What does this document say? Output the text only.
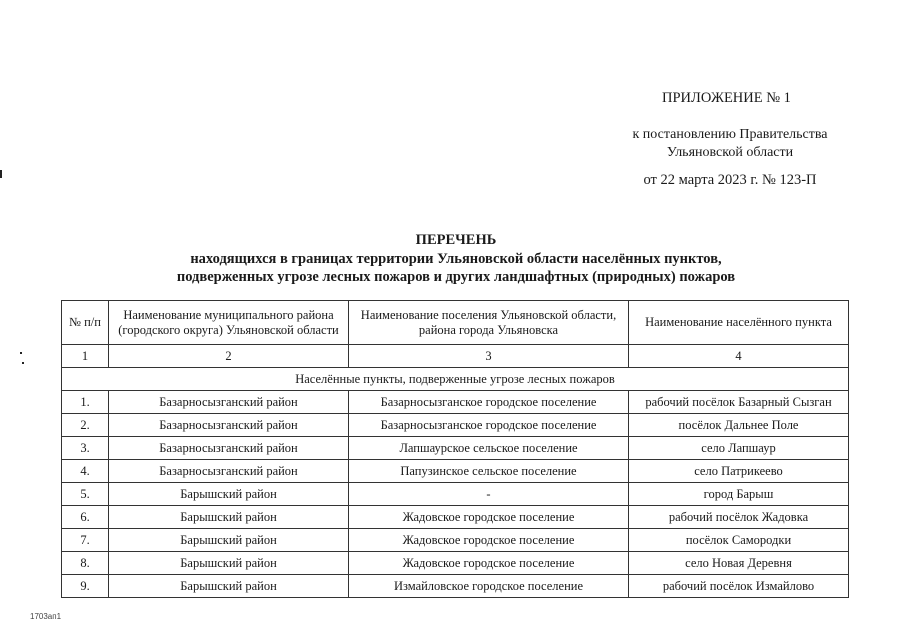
ПРИЛОЖЕНИЕ № 1
к постановлению Правительства
Ульяновской области
от 22 марта 2023 г. № 123-П
ПЕРЕЧЕНЬ
находящихся в границах территории Ульяновской области населённых пунктов,
подверженных угрозе лесных пожаров и других ландшафтных (природных) пожаров
№ п/п	Наименование муниципального района (городского округа) Ульяновской области	Наименование поселения Ульяновской области, района города Ульяновска	Наименование населённого пункта
1	2	3	4
Населённые пункты, подверженные угрозе лесных пожаров			
1.	Базарносызганский район	Базарносызганское городское поселение	рабочий посёлок Базарный Сызган
2.	Базарносызганский район	Базарносызганское городское поселение	посёлок Дальнее Поле
3.	Базарносызганский район	Лапшаурское сельское поселение	село Лапшаур
4.	Базарносызганский район	Папузинское сельское поселение	село Патрикеево
5.	Барышский район	-	город Барыш
6.	Барышский район	Жадовское городское поселение	рабочий посёлок Жадовка
7.	Барышский район	Жадовское городское поселение	посёлок Самородки
8.	Барышский район	Жадовское городское поселение	село Новая Деревня
9.	Барышский район	Измайловское городское поселение	рабочий посёлок Измайлово
1703ап1
